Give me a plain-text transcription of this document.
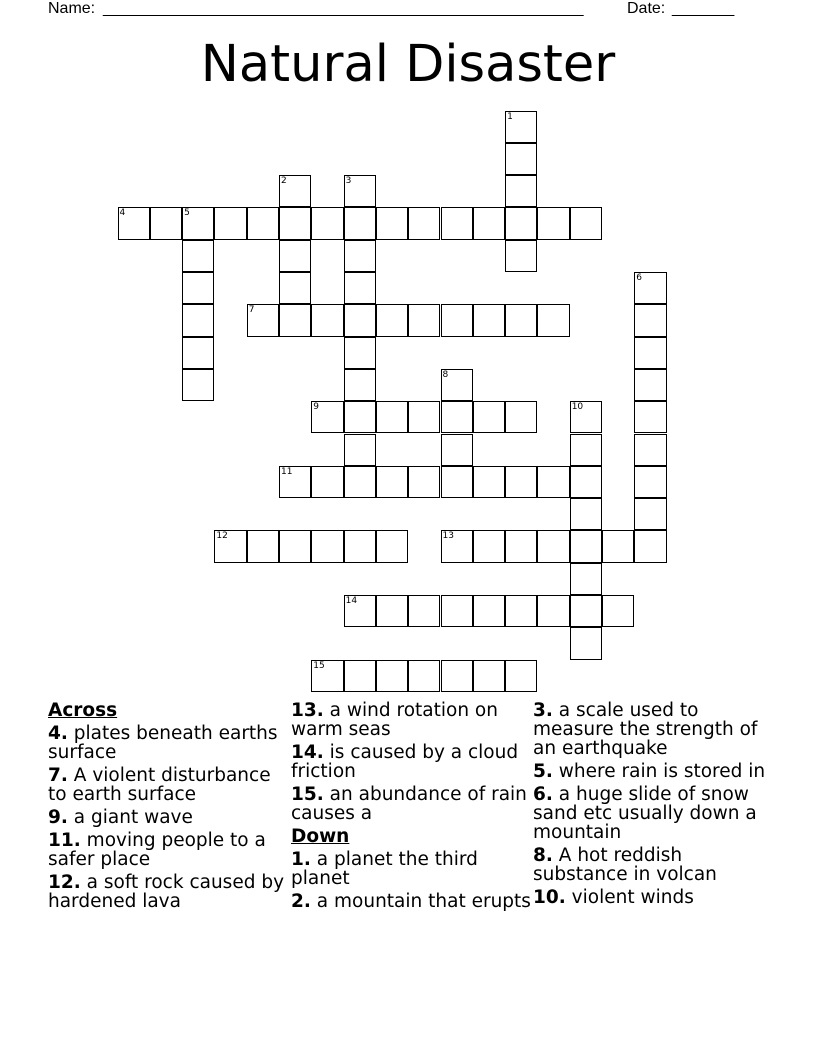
Name: ______________________________________________________	Date: _______
Natural Disaster
1
2	3
4	5
6
7
8
9	10
11
12	13
14
15
Across
4. plates beneath earths surface
7. A violent disturbance to earth surface
9. a giant wave
11. moving people to a safer place
12. a soft rock caused by hardened lava
13. a wind rotation on warm seas
14. is caused by a cloud friction
15. an abundance of rain causes a
Down
1. a planet the third planet
2. a mountain that erupts
3. a scale used to measure the strength of an earthquake
5. where rain is stored in
6. a huge slide of snow sand etc usually down a mountain
8. A hot reddish substance in volcan
10. violent winds
